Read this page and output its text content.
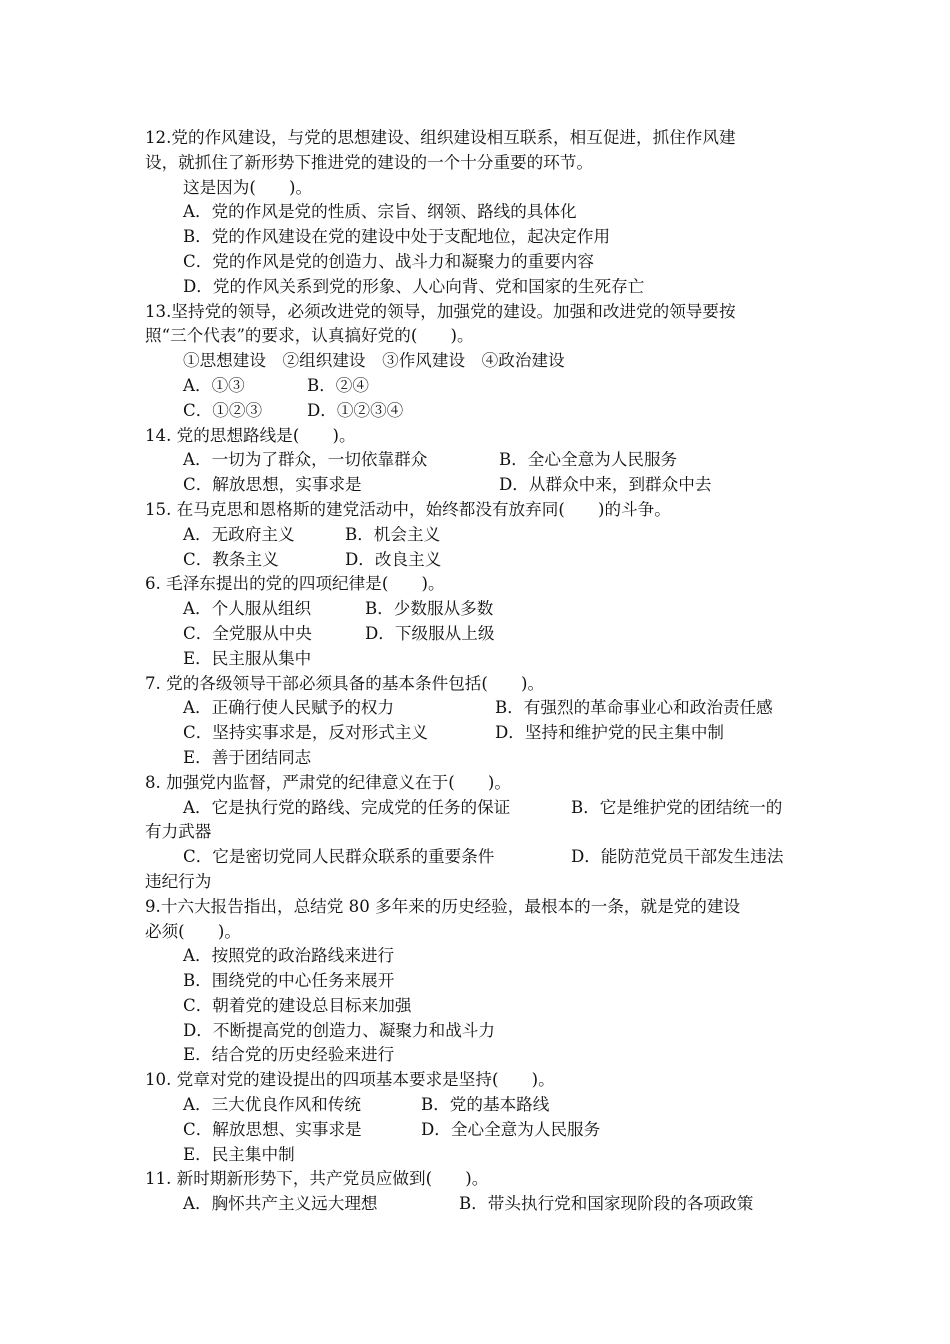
12.党的作风建设，与党的思想建设、组织建设相互联系，相互促进，抓住作风建
设，就抓住了新形势下推进党的建设的一个十分重要的环节。
这是因为(　　)。
A．党的作风是党的性质、宗旨、纲领、路线的具体化
B．党的作风建设在党的建设中处于支配地位，起决定作用
C．党的作风是党的创造力、战斗力和凝聚力的重要内容
D．党的作风关系到党的形象、人心向背、党和国家的生死存亡
13.坚持党的领导，必须改进党的领导，加强党的建设。加强和改进党的领导要按
照“三个代表”的要求，认真搞好党的(　　)。
①思想建设　②组织建设　③作风建设　④政治建设
A．①③	B．②④
C．①②③	D．①②③④
14. 党的思想路线是(　　)。
A．一切为了群众，一切依靠群众	B．全心全意为人民服务
C．解放思想，实事求是	D．从群众中来，到群众中去
15. 在马克思和恩格斯的建党活动中，始终都没有放弃同(　　)的斗争。
A．无政府主义	B．机会主义
C．教条主义	D．改良主义
6. 毛泽东提出的党的四项纪律是(　　)。
A．个人服从组织	B．少数服从多数
C．全党服从中央	D．下级服从上级
E．民主服从集中
7. 党的各级领导干部必须具备的基本条件包括(　　)。
A．正确行使人民赋予的权力	B．有强烈的革命事业心和政治责任感
C．坚持实事求是，反对形式主义	D．坚持和维护党的民主集中制
E．善于团结同志
8. 加强党内监督，严肃党的纪律意义在于(　　)。
A．它是执行党的路线、完成党的任务的保证	B．它是维护党的团结统一的
有力武器
C．它是密切党同人民群众联系的重要条件	D．能防范党员干部发生违法
违纪行为
9.十六大报告指出，总结党 80 多年来的历史经验，最根本的一条，就是党的建设
必须(　　)。
A．按照党的政治路线来进行
B．围绕党的中心任务来展开
C．朝着党的建设总目标来加强
D．不断提高党的创造力、凝聚力和战斗力
E．结合党的历史经验来进行
10. 党章对党的建设提出的四项基本要求是坚持(　　)。
A．三大优良作风和传统	B．党的基本路线
C．解放思想、实事求是	D．全心全意为人民服务
E．民主集中制
11. 新时期新形势下，共产党员应做到(　　)。
A．胸怀共产主义远大理想	B．带头执行党和国家现阶段的各项政策
